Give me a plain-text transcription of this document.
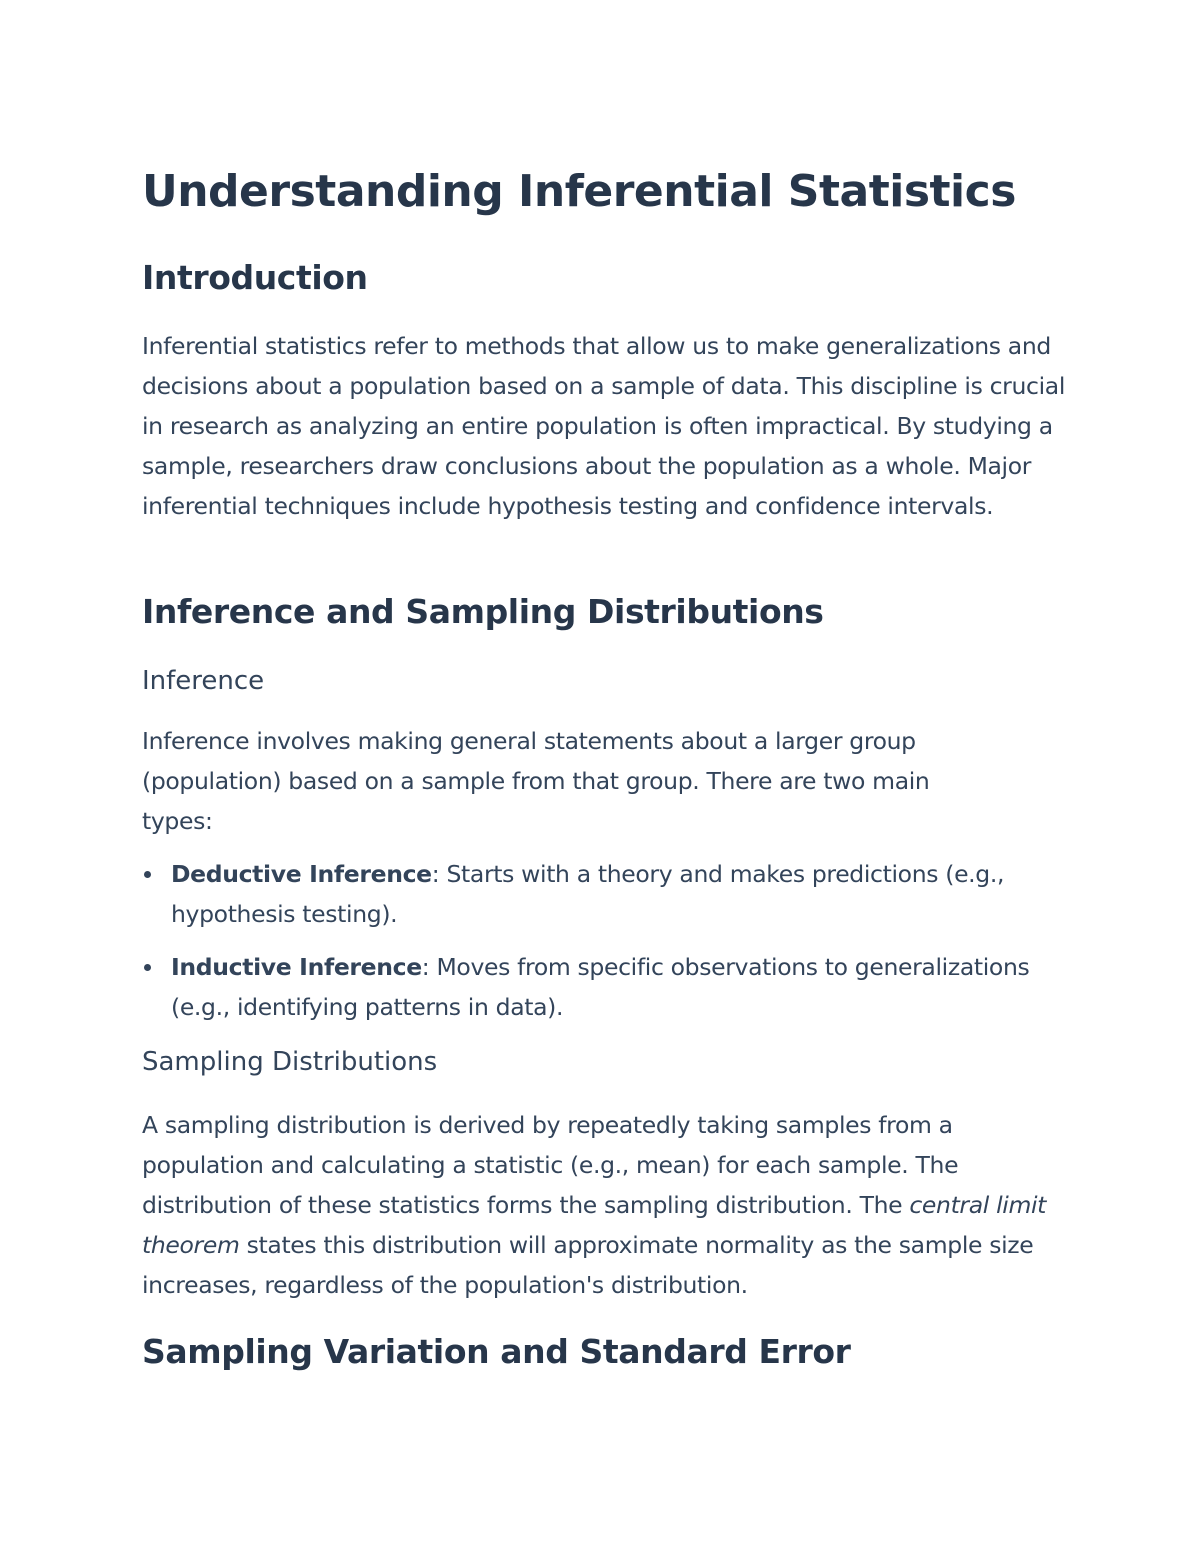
Understanding Inferential Statistics
Introduction

Inferential statistics refer to methods that allow us to make generalizations and decisions about a population based on a sample of data. This discipline is crucial in research as analyzing an entire population is often impractical. By studying a sample, researchers draw conclusions about the population as a whole. Major inferential techniques include hypothesis testing and confidence intervals.

Inference and Sampling Distributions
Inference

Inference involves making general statements about a larger group (population) based on a sample from that group. There are two main types:

Deductive Inference: Starts with a theory and makes predictions (e.g., hypothesis testing).
Inductive Inference: Moves from specific observations to generalizations (e.g., identifying patterns in data).
Sampling Distributions

A sampling distribution is derived by repeatedly taking samples from a population and calculating a statistic (e.g., mean) for each sample. The distribution of these statistics forms the sampling distribution. The central limit theorem states this distribution will approximate normality as the sample size increases, regardless of the population's distribution.

Sampling Variation and Standard Error
